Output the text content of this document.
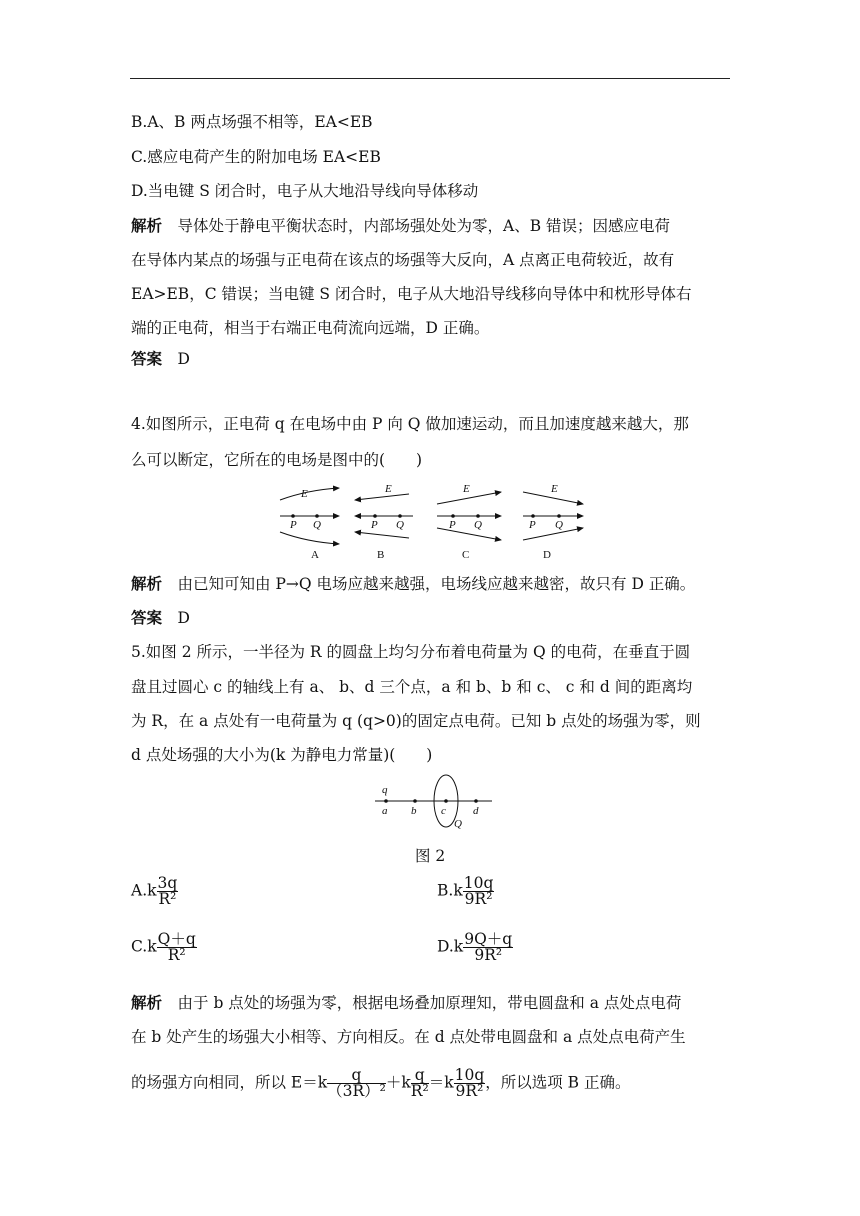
B.A、B 两点场强不相等，EA<EB
C.感应电荷产生的附加电场 EA<EB
D.当电键 S 闭合时，电子从大地沿导线向导体移动
解析　 导体处于静电平衡状态时，内部场强处处为零，A、B 错误；因感应电荷
在导体内某点的场强与正电荷在该点的场强等大反向，A 点离正电荷较近，故有
EA>EB，C 错误；当电键 S 闭合时，电子从大地沿导线移向导体中和枕形导体右
端的正电荷，相当于右端正电荷流向远端，D 正确。
答案　 D
4.如图所示，正电荷 q 在电场中由 P 向 Q 做加速运动，而且加速度越来越大，那
么可以断定，它所在的电场是图中的(　　)
E	E	E	E
P Q	P Q	P Q	P Q
A	B	C	D
解析　 由已知可知由 P→Q 电场应越来越强，电场线应越来越密，故只有 D 正确。
答案　 D
5.如图 2 所示，一半径为 R 的圆盘上均匀分布着电荷量为 Q 的电荷，在垂直于圆
盘且过圆心 c 的轴线上有 a、 b、d 三个点，a 和 b、b 和 c、 c 和 d 间的距离均
为 R，在 a 点处有一电荷量为 q (q>0)的固定点电荷。已知 b 点处的场强为零，则
d 点处场强的大小为(k 为静电力常量)(　　)
q
a b c d
Q
图 2
$A.k \frac{3q}{\text{R²}}$	$B.k \frac{10q}{\text{9R²}}$
$C.k \frac{Q+q}{\text{R²}}$	$D.k \frac{9Q+q}{\text{9R²}}$
解析　 由于 b 点处的场强为零，根据电场叠加原理知，带电圆盘和 a 点处点电荷
在 b 处产生的场强大小相等、方向相反。在 d 点处带电圆盘和 a 点处点电荷产生
的场强方向相同，所以 $E=k \frac{q}{\text{（3R）²}} +k \frac{q}{\text{R²}} =k \frac{10q}{\text{9R²}}$ ，所以选项 B 正确。
